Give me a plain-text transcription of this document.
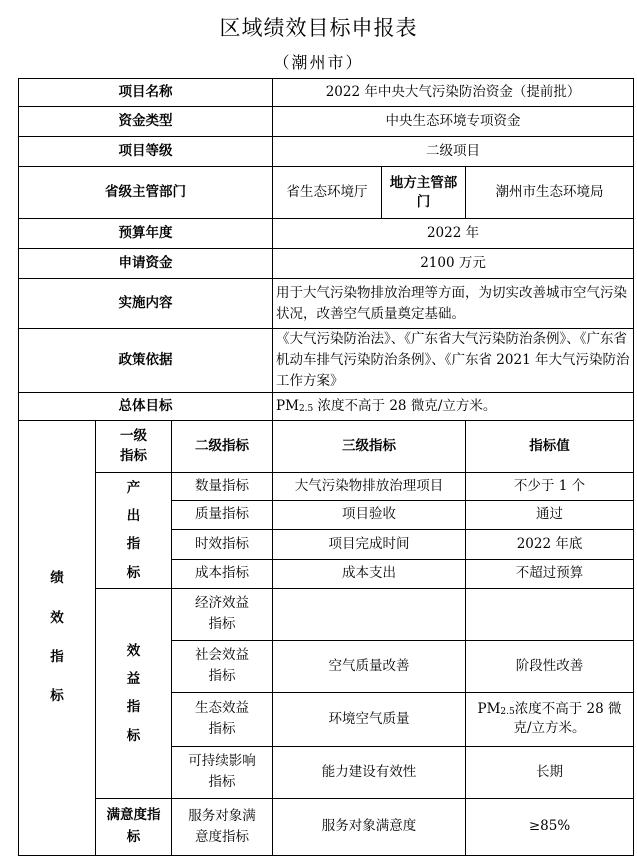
区域绩效目标申报表
（潮州市）
项目名称			2022 年中央大气污染防治资金（提前批）		
资金类型			中央生态环境专项资金		
项目等级			二级项目		
省级主管部门			省生态环境厅	地方主管部门	潮州市生态环境局
预算年度			2022 年		
申请资金			2100 万元		
实施内容			用于大气污染物排放治理等方面，为切实改善城市空气污染状况，改善空气质量奠定基础。		
政策依据			《大气污染防治法》、《广东省大气污染防治条例》、《广东省机动车排气污染防治条例》、《广东省 2021 年大气污染防治工作方案》		
总体目标			$PM_{2.5}$ 浓度不高于 28 微克/立方米。		
绩效指标	一级指标	二级指标	三级指标		指标值
	产出指标	数量指标	大气污染物排放治理项目		不少于 1 个
		质量指标	项目验收		通过
		时效指标	项目完成时间		2022 年底
		成本指标	成本支出		不超过预算
	效益指标	经济效益指标			
		社会效益指标	空气质量改善		阶段性改善
		生态效益指标	环境空气质量		$PM_{2.5}$浓度不高于 28 微克/立方米。
		可持续影响指标	能力建设有效性		长期
	满意度指标	服务对象满意度指标	服务对象满意度		≥85%
